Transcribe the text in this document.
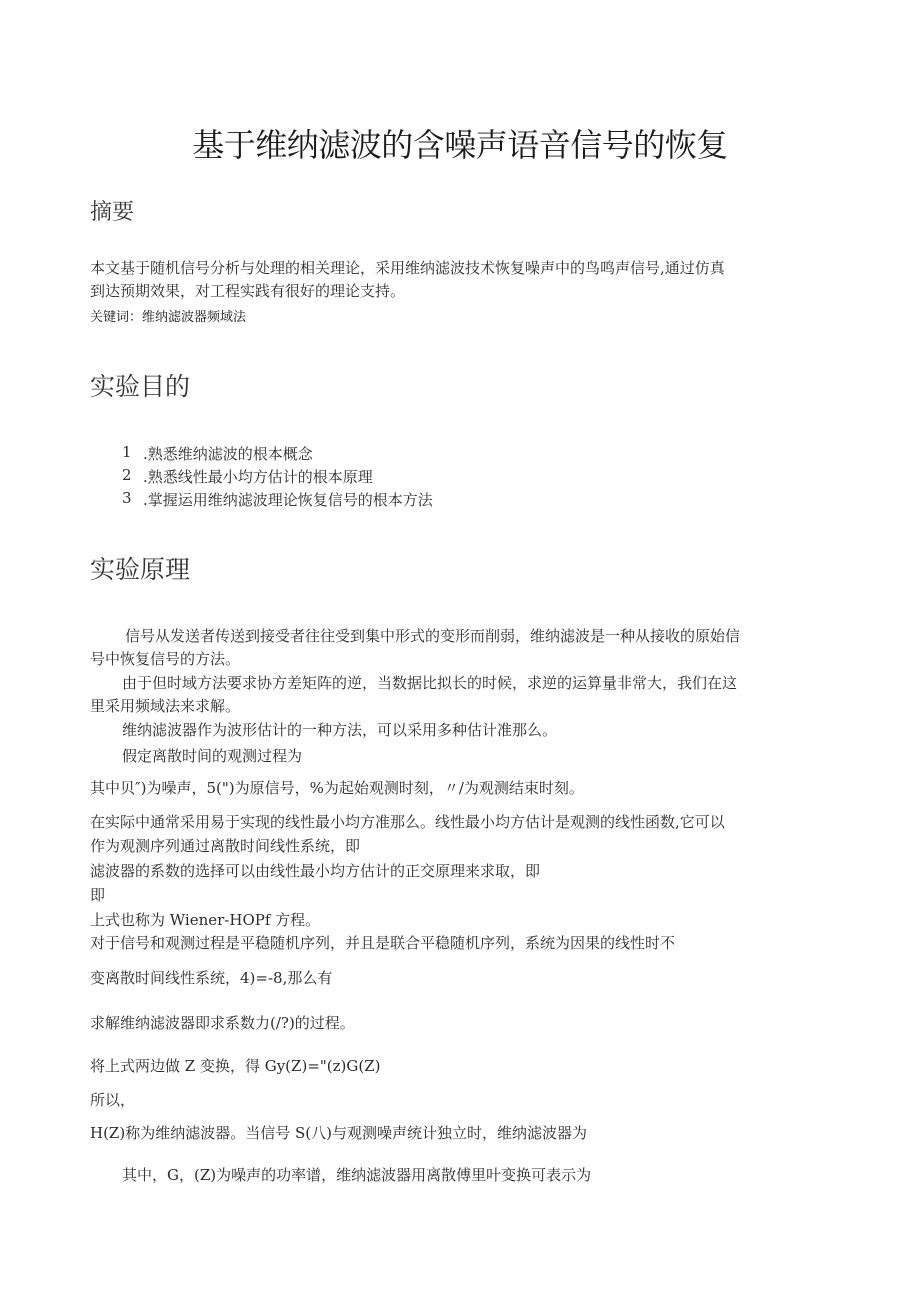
基于维纳滤波的含噪声语音信号的恢复
摘要
本文基于随机信号分析与处理的相关理论，采用维纳滤波技术恢复噪声中的鸟鸣声信号,通过仿真
到达预期效果，对工程实践有很好的理论支持。
关键词：维纳滤波器频域法
实验目的
1 .熟悉维纳滤波的根本概念
2 .熟悉线性最小均方估计的根本原理
3 .掌握运用维纳滤波理论恢复信号的根本方法
实验原理
信号从发送者传送到接受者往往受到集中形式的变形而削弱，维纳滤波是一种从接收的原始信
号中恢复信号的方法。
由于但时域方法要求协方差矩阵的逆，当数据比拟长的时候，求逆的运算量非常大，我们在这
里采用频域法来求解。
维纳滤波器作为波形估计的一种方法，可以采用多种估计准那么。
假定离散时间的观测过程为
其中贝″)为噪声，5(")为原信号，%为起始观测时刻，〃/为观测结束时刻。
在实际中通常采用易于实现的线性最小均方准那么。线性最小均方估计是观测的线性函数,它可以
作为观测序列通过离散时间线性系统，即
滤波器的系数的选择可以由线性最小均方估计的正交原理来求取，即
即
上式也称为 Wiener-HOPf 方程。
对于信号和观测过程是平稳随机序列，并且是联合平稳随机序列，系统为因果的线性时不
变离散时间线性系统，4)=-8,那么有
求解维纳滤波器即求系数力(/?)的过程。
将上式两边做 Z 变换，得 Gy(Z)="(z)G(Z)
所以，
H(Z)称为维纳滤波器。当信号 S(八)与观测噪声统计独立时，维纳滤波器为
其中，G，(Z)为噪声的功率谱，维纳滤波器用离散傅里叶变换可表示为
